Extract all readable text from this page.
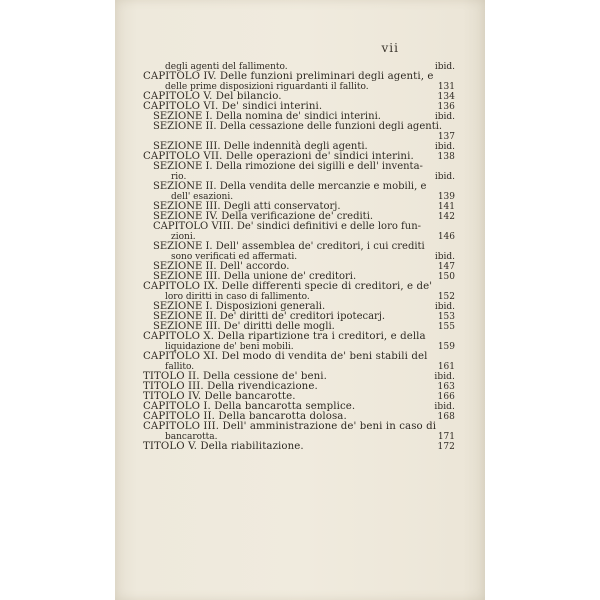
vii
degli agenti del fallimento.	ibid.
CAPITOLO IV. Delle funzioni preliminari degli agenti, e
delle prime disposizioni riguardanti il fallito.	131
CAPITOLO V. Del bilancio.	134
CAPITOLO VI. De' sindici interini.	136
SEZIONE I. Della nomina de' sindici interini.	ibid.
SEZIONE II. Della cessazione delle funzioni degli agenti.
137
SEZIONE III. Delle indennità degli agenti.	ibid.
CAPITOLO VII. Delle operazioni de' sindici interini.	138
SEZIONE I. Della rimozione dei sigilli e dell' inventa-
rio.	ibid.
SEZIONE II. Della vendita delle mercanzie e mobili, e
dell' esazioni.	139
SEZIONE III. Degli atti conservatorj.	141
SEZIONE IV. Della verificazione de' crediti.	142
CAPITOLO VIII. De' sindici definitivi e delle loro fun-
zioni.	146
SEZIONE I. Dell' assemblea de' creditori, i cui crediti
sono verificati ed affermati.	ibid.
SEZIONE II. Dell' accordo.	147
SEZIONE III. Della unione de' creditori.	150
CAPITOLO IX. Delle differenti specie di creditori, e de'
loro diritti in caso di fallimento.	152
SEZIONE I. Disposizioni generali.	ibid.
SEZIONE II. De' diritti de' creditori ipotecarj.	153
SEZIONE III. De' diritti delle mogli.	155
CAPITOLO X. Della ripartizione tra i creditori, e della
liquidazione de' beni mobili.	159
CAPITOLO XI. Del modo di vendita de' beni stabili del
fallito.	161
TITOLO II. Della cessione de' beni.	ibid.
TITOLO III. Della rivendicazione.	163
TITOLO IV. Delle bancarotte.	166
CAPITOLO I. Della bancarotta semplice.	ibid.
CAPITOLO II. Della bancarotta dolosa.	168
CAPITOLO III. Dell' amministrazione de' beni in caso di
bancarotta.	171
TITOLO V. Della riabilitazione.	172
